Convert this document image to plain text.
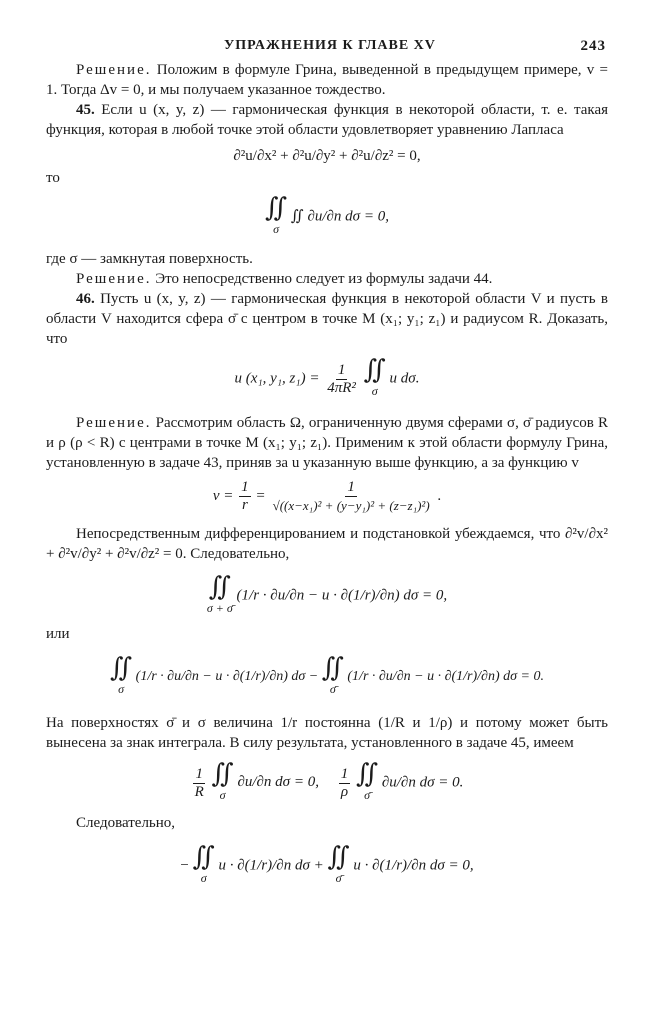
УПРАЖНЕНИЯ К ГЛАВЕ XV	243

Решение. Положим в формуле Грина, выведенной в предыдущем примере, v = 1. Тогда Δv = 0, и мы получаем указанное тождество.

45. Если u (x, y, z) — гармоническая функция в некоторой области, т. е. такая функция, которая в любой точке этой области удовлетворяет уравнению Лапласа

∂²u/∂x² + ∂²u/∂y² + ∂²u/∂z² = 0,
то
∬
σ
∬ ∂u/∂n dσ = 0,

где σ — замкнутая поверхность.

Решение. Это непосредственно следует из формулы задачи 44.

46. Пусть u (x, y, z) — гармоническая функция в некоторой области V и пусть в области V находится сфера σ̄ с центром в точке M (x₁; y₁; z₁) и радиусом R. Доказать, что

u (x₁, y₁, $z_1) = \frac{1}{\text{4πR²}}$
∬
σ
u dσ.

Решение. Рассмотрим область Ω, ограниченную двумя сферами σ, σ̄ радиусов R и ρ (ρ < R) с центрами в точке M (x₁; y₁; z₁). Применим к этой области формулу Грина, установленную в задаче 43, приняв за u указанную выше функцию, а за функцию v

$v = \frac{1}{r} = \frac{1}{\text{√((x−x₁)² + (y−y₁)² + (z−z₁)²)}}$ .

Непосредственным дифференцированием и подстановкой убеждаемся, что ∂²v/∂x² + ∂²v/∂y² + ∂²v/∂z² = 0. Следовательно,

∬
σ + σ̄
(1/r · ∂u/∂n − u · ∂(1/r)/∂n) dσ = 0,
или
∬
σ
(1/r · ∂u/∂n − u · ∂(1/r)/∂n) dσ − ∬
σ̄
(1/r · ∂u/∂n − u · ∂(1/r)/∂n) dσ = 0.

На поверхностях σ̄ и σ величина 1/r постоянна (1/R и 1/ρ) и потому может быть вынесена за знак интеграла. В силу результата, установленного в задаче 45, имеем

$\frac{1}{R}$
∬
σ
∂u/∂n dσ = 0, $\frac{1}{\rho}$
∬
σ̄
∂u/∂n dσ = 0.
Следовательно,
− ∬
σ
u · ∂(1/r)/∂n dσ + ∬
σ̄
u · ∂(1/r)/∂n dσ = 0,
